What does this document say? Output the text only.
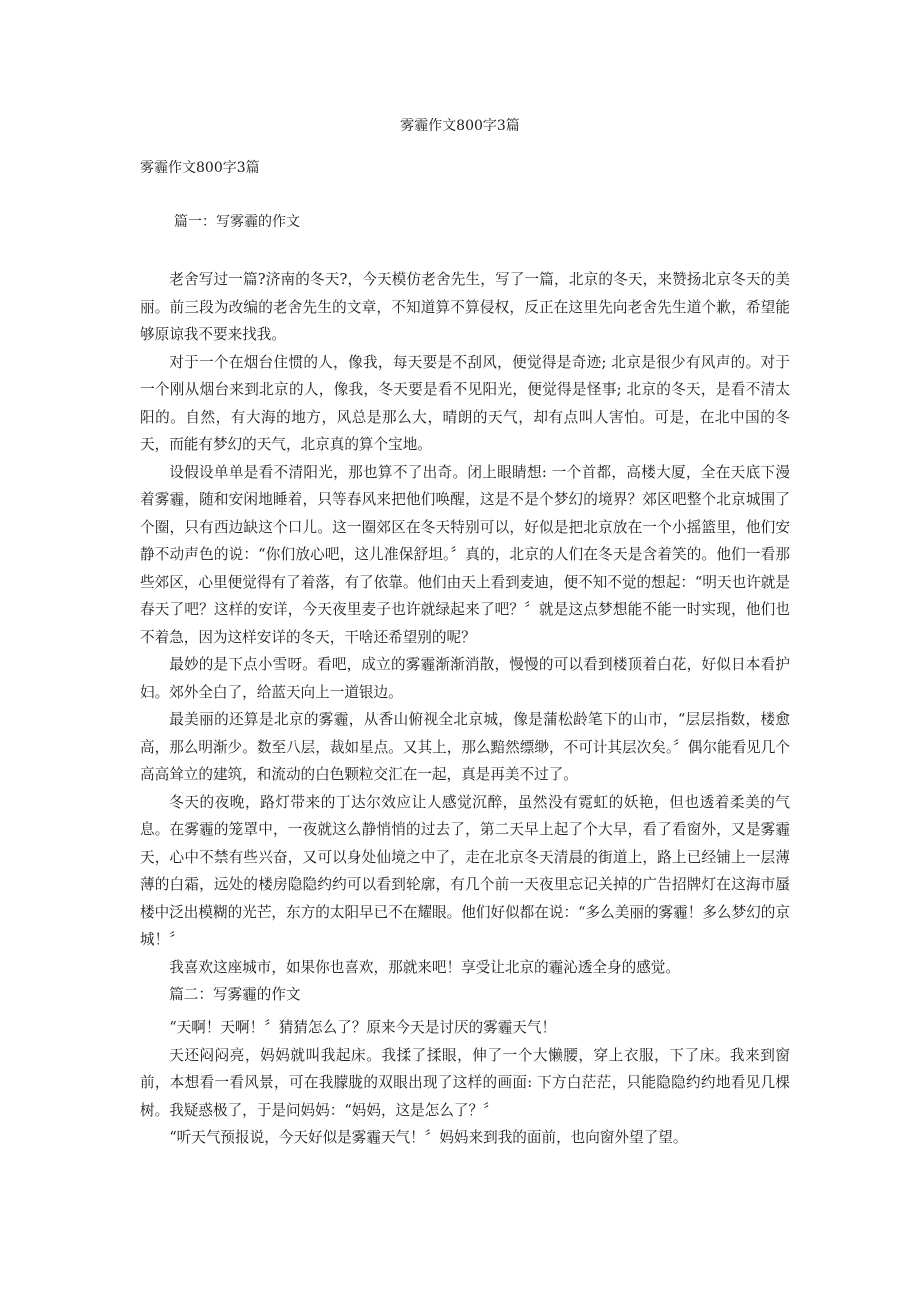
雾霾作文800字3篇
雾霾作文800字3篇
篇一：写雾霾的作文

老舍写过一篇?济南的冬天?，今天模仿老舍先生，写了一篇，北京的冬天，来赞扬北京冬天的美丽。前三段为改编的老舍先生的文章，不知道算不算侵权，反正在这里先向老舍先生道个歉，希望能够原谅我不要来找我。

对于一个在烟台住惯的人，像我，每天要是不刮风，便觉得是奇迹; 北京是很少有风声的。对于一个刚从烟台来到北京的人，像我，冬天要是看不见阳光，便觉得是怪事; 北京的冬天，是看不清太阳的。自然，有大海的地方，风总是那么大，晴朗的天气，却有点叫人害怕。可是，在北中国的冬天，而能有梦幻的天气，北京真的算个宝地。

设假设单单是看不清阳光，那也算不了出奇。闭上眼睛想: 一个首都，高楼大厦，全在天底下漫着雾霾，随和安闲地睡着，只等春风来把他们唤醒，这是不是个梦幻的境界？郊区吧整个北京城围了个圈，只有西边缺这个口儿。这一圈郊区在冬天特别可以，好似是把北京放在一个小摇篮里，他们安静不动声色的说：“你们放心吧，这儿准保舒坦。〞真的，北京的人们在冬天是含着笑的。他们一看那些郊区，心里便觉得有了着落，有了依靠。他们由天上看到麦迪，便不知不觉的想起：“明天也许就是春天了吧？这样的安详，今天夜里麦子也许就绿起来了吧？〞就是这点梦想能不能一时实现，他们也不着急，因为这样安详的冬天，干啥还希望别的呢？

最妙的是下点小雪呀。看吧，成立的雾霾渐渐消散，慢慢的可以看到楼顶着白花，好似日本看护妇。郊外全白了，给蓝天向上一道银边。

最美丽的还算是北京的雾霾，从香山俯视全北京城，像是蒲松龄笔下的山市，“层层指数，楼愈高，那么明渐少。数至八层，裁如星点。又其上，那么黯然缥缈，不可计其层次矣。〞偶尔能看见几个高高耸立的建筑，和流动的白色颗粒交汇在一起，真是再美不过了。

冬天的夜晚，路灯带来的丁达尔效应让人感觉沉醉，虽然没有霓虹的妖艳，但也透着柔美的气息。在雾霾的笼罩中，一夜就这么静悄悄的过去了，第二天早上起了个大早，看了看窗外，又是雾霾天，心中不禁有些兴奋，又可以身处仙境之中了，走在北京冬天清晨的街道上，路上已经铺上一层薄薄的白霜，远处的楼房隐隐约约可以看到轮廓，有几个前一天夜里忘记关掉的广告招牌灯在这海市蜃楼中泛出模糊的光芒，东方的太阳早已不在耀眼。他们好似都在说：“多么美丽的雾霾！多么梦幻的京城！〞

我喜欢这座城市，如果你也喜欢，那就来吧！享受让北京的霾沁透全身的感觉。

篇二：写雾霾的作文

“天啊！天啊！〞猜猜怎么了？原来今天是讨厌的雾霾天气！

天还闷闷亮，妈妈就叫我起床。我揉了揉眼，伸了一个大懒腰，穿上衣服，下了床。我来到窗前，本想看一看风景，可在我朦胧的双眼出现了这样的画面: 下方白茫茫，只能隐隐约约地看见几棵树。我疑惑极了，于是问妈妈：“妈妈，这是怎么了？〞

“听天气预报说，今天好似是雾霾天气！〞妈妈来到我的面前，也向窗外望了望。
